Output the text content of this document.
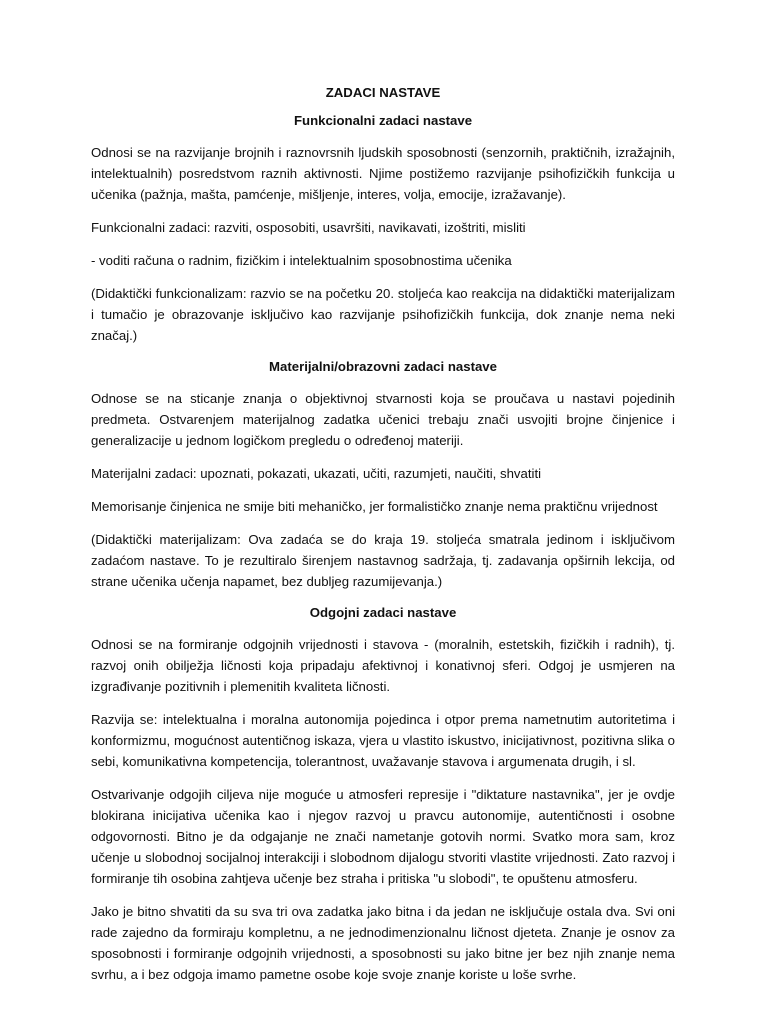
ZADACI NASTAVE
Funkcionalni zadaci nastave

Odnosi se na razvijanje brojnih i raznovrsnih ljudskih sposobnosti (senzornih, praktičnih, izražajnih, intelektualnih) posredstvom raznih aktivnosti. Njime postižemo razvijanje psihofizičkih funkcija u učenika (pažnja, mašta, pamćenje, mišljenje, interes, volja, emocije, izražavanje).

Funkcionalni zadaci: razviti, osposobiti, usavršiti, navikavati, izoštriti, misliti

- voditi računa o radnim, fizičkim i intelektualnim sposobnostima učenika

(Didaktički funkcionalizam: razvio se na početku 20. stoljeća kao reakcija na didaktički materijalizam i tumačio je obrazovanje isključivo kao razvijanje psihofizičkih funkcija, dok znanje nema neki značaj.)

Materijalni/obrazovni zadaci nastave

Odnose se na sticanje znanja o objektivnoj stvarnosti koja se proučava u nastavi pojedinih predmeta. Ostvarenjem materijalnog zadatka učenici trebaju znači usvojiti brojne činjenice i generalizacije u jednom logičkom pregledu o određenoj materiji.

Materijalni zadaci: upoznati, pokazati, ukazati, učiti, razumjeti, naučiti, shvatiti

Memorisanje činjenica ne smije biti mehaničko, jer formalističko znanje nema praktičnu vrijednost

(Didaktički materijalizam: Ova zadaća se do kraja 19. stoljeća smatrala jedinom i isključivom zadaćom nastave. To je rezultiralo širenjem nastavnog sadržaja, tj. zadavanja opširnih lekcija, od strane učenika učenja napamet, bez dubljeg razumijevanja.)

Odgojni zadaci nastave

Odnosi se na formiranje odgojnih vrijednosti i stavova - (moralnih, estetskih, fizičkih i radnih), tj. razvoj onih obilježja ličnosti koja pripadaju afektivnoj i konativnoj sferi. Odgoj je usmjeren na izgrađivanje pozitivnih i plemenitih kvaliteta ličnosti.

Razvija se: intelektualna i moralna autonomija pojedinca i otpor prema nametnutim autoritetima i konformizmu, mogućnost autentičnog iskaza, vjera u vlastito iskustvo, inicijativnost, pozitivna slika o sebi, komunikativna kompetencija, tolerantnost, uvažavanje stavova i argumenata drugih, i sl.

Ostvarivanje odgojih ciljeva nije moguće u atmosferi represije i "diktature nastavnika", jer je ovdje blokirana inicijativa učenika kao i njegov razvoj u pravcu autonomije, autentičnosti i osobne odgovornosti. Bitno je da odgajanje ne znači nametanje gotovih normi. Svatko mora sam, kroz učenje u slobodnoj socijalnoj interakciji i slobodnom dijalogu stvoriti vlastite vrijednosti. Zato razvoj i formiranje tih osobina zahtjeva učenje bez straha i pritiska "u slobodi", te opuštenu atmosferu.

Jako je bitno shvatiti da su sva tri ova zadatka jako bitna i da jedan ne isključuje ostala dva. Svi oni rade zajedno da formiraju kompletnu, a ne jednodimenzionalnu ličnost djeteta. Znanje je osnov za sposobnosti i formiranje odgojnih vrijednosti, a sposobnosti su jako bitne jer bez njih znanje nema svrhu, a i bez odgoja imamo pametne osobe koje svoje znanje koriste u loše svrhe.
